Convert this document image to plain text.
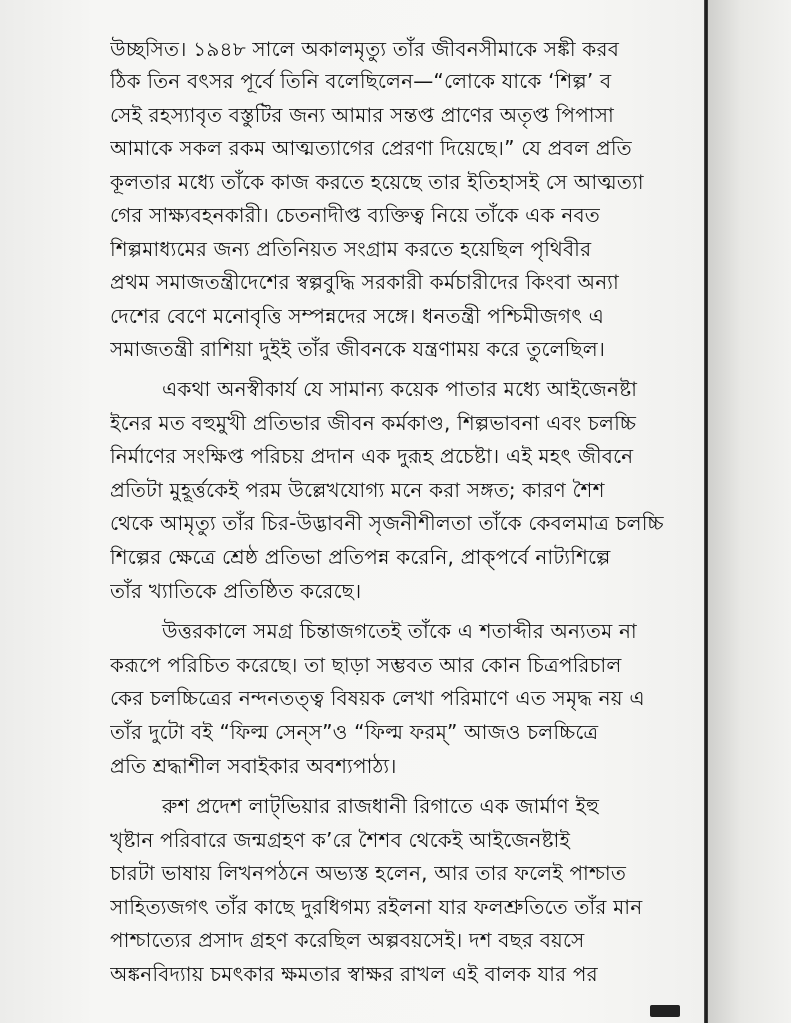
উচ্ছসিত। ১৯৪৮ সালে অকালমৃত্যু তাঁর জীবনসীমাকে সঙ্কী করব
ঠিক তিন বৎসর পূর্বে তিনি বলেছিলেন—“লোকে যাকে ‘শিল্প’ ব
সেই রহস্যাবৃত বস্তুটির জন্য আমার সন্তপ্ত প্রাণের অতৃপ্ত পিপাসা
আমাকে সকল রকম আত্মত্যাগের প্রেরণা দিয়েছে।” যে প্রবল প্রতি
কূলতার মধ্যে তাঁকে কাজ করতে হয়েছে তার ইতিহাসই সে আত্মত্যা
গের সাক্ষ্যবহনকারী। চেতনাদীপ্ত ব্যক্তিত্ব নিয়ে তাঁকে এক নবত
শিল্পমাধ্যমের জন্য প্রতিনিয়ত সংগ্রাম করতে হয়েছিল পৃথিবীর
প্রথম সমাজতন্ত্রীদেশের স্বল্পবুদ্ধি সরকারী কর্মচারীদের কিংবা অন্যা
দেশের বেণে মনোবৃত্তি সম্পন্নদের সঙ্গে। ধনতন্ত্রী পশ্চিমীজগৎ এ
সমাজতন্ত্রী রাশিয়া দুইই তাঁর জীবনকে যন্ত্রণাময় করে তুলেছিল।
একথা অনস্বীকার্য যে সামান্য কয়েক পাতার মধ্যে আইজেনষ্টা
ইনের মত বহুমুখী প্রতিভার জীবন কর্মকাণ্ড, শিল্পভাবনা এবং চলচ্চি
নির্মাণের সংক্ষিপ্ত পরিচয় প্রদান এক দুরূহ প্রচেষ্টা। এই মহৎ জীবনে
প্রতিটা মুহূর্ত্তকেই পরম উল্লেখযোগ্য মনে করা সঙ্গত; কারণ শৈশ
থেকে আমৃত্যু তাঁর চির-উদ্ভাবনী সৃজনীশীলতা তাঁকে কেবলমাত্র চলচ্চি
শিল্পের ক্ষেত্রে শ্রেষ্ঠ প্রতিভা প্রতিপন্ন করেনি, প্রাক্‌পর্বে নাট্যশিল্পে
তাঁর খ্যাতিকে প্রতিষ্ঠিত করেছে।
উত্তরকালে সমগ্র চিন্তাজগতেই তাঁকে এ শতাব্দীর অন্যতম না
করূপে পরিচিত করেছে। তা ছাড়া সম্ভবত আর কোন চিত্রপরিচাল
কের চলচ্চিত্রের নন্দনতত্ত্ব বিষয়ক লেখা পরিমাণে এত সমৃদ্ধ নয় এ
তাঁর দুটো বই “ফিল্ম সেন্‌স”ও “ফিল্ম ফরম্‌” আজও চলচ্চিত্রে
প্রতি শ্রদ্ধাশীল সবাইকার অবশ্যপাঠ্য।
রুশ প্রদেশ লাট্‌ভিয়ার রাজধানী রিগাতে এক জার্মাণ ইহু
খৃষ্টান পরিবারে জন্মগ্রহণ ক’রে শৈশব থেকেই আইজেনষ্টাই
চারটা ভাষায় লিখনপঠনে অভ্যস্ত হলেন, আর তার ফলেই পাশ্চাত
সাহিত্যজগৎ তাঁর কাছে দুরধিগম্য রইলনা যার ফলশ্রুতিতে তাঁর মান
পাশ্চাত্যের প্রসাদ গ্রহণ করেছিল অল্পবয়সেই। দশ বছর বয়সে
অঙ্কনবিদ্যায় চমৎকার ক্ষমতার স্বাক্ষর রাখল এই বালক যার পর
